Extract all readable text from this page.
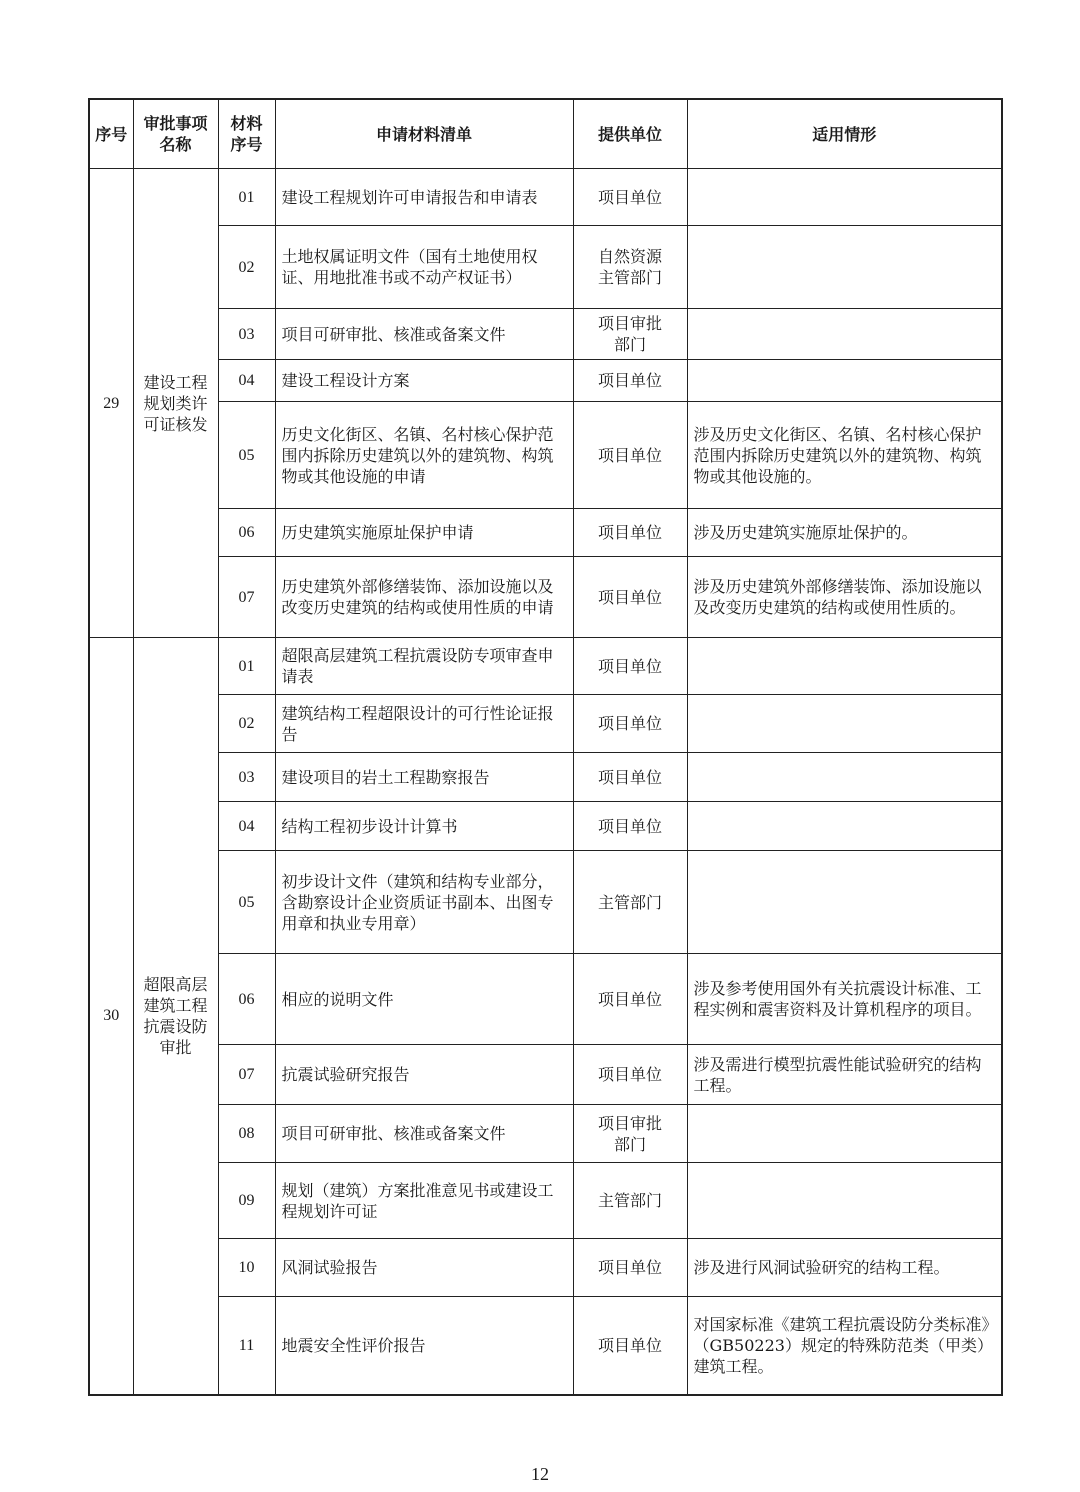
序号	审批事项名称	材料序号	申请材料清单	提供单位	适用情形
29	建设工程规划类许可证核发	01	建设工程规划许可申请报告和申请表	项目单位	
		02	土地权属证明文件（国有土地使用权证、用地批准书或不动产权证书）	自然资源主管部门	
		03	项目可研审批、核准或备案文件	项目审批部门	
		04	建设工程设计方案	项目单位	
		05	历史文化街区、名镇、名村核心保护范围内拆除历史建筑以外的建筑物、构筑物或其他设施的申请	项目单位	涉及历史文化街区、名镇、名村核心保护范围内拆除历史建筑以外的建筑物、构筑物或其他设施的。
		06	历史建筑实施原址保护申请	项目单位	涉及历史建筑实施原址保护的。
		07	历史建筑外部修缮装饰、添加设施以及改变历史建筑的结构或使用性质的申请	项目单位	涉及历史建筑外部修缮装饰、添加设施以及改变历史建筑的结构或使用性质的。
30	超限高层建筑工程抗震设防审批	01	超限高层建筑工程抗震设防专项审查申请表	项目单位	
		02	建筑结构工程超限设计的可行性论证报告	项目单位	
		03	建设项目的岩土工程勘察报告	项目单位	
		04	结构工程初步设计计算书	项目单位	
		05	初步设计文件（建筑和结构专业部分，含勘察设计企业资质证书副本、出图专用章和执业专用章）	主管部门	
		06	相应的说明文件	项目单位	涉及参考使用国外有关抗震设计标准、工程实例和震害资料及计算机程序的项目。
		07	抗震试验研究报告	项目单位	涉及需进行模型抗震性能试验研究的结构工程。
		08	项目可研审批、核准或备案文件	项目审批部门	
		09	规划（建筑）方案批准意见书或建设工程规划许可证	主管部门	
		10	风洞试验报告	项目单位	涉及进行风洞试验研究的结构工程。
		11	地震安全性评价报告	项目单位	对国家标准《建筑工程抗震设防分类标准》（GB50223）规定的特殊防范类（甲类）建筑工程。
12
